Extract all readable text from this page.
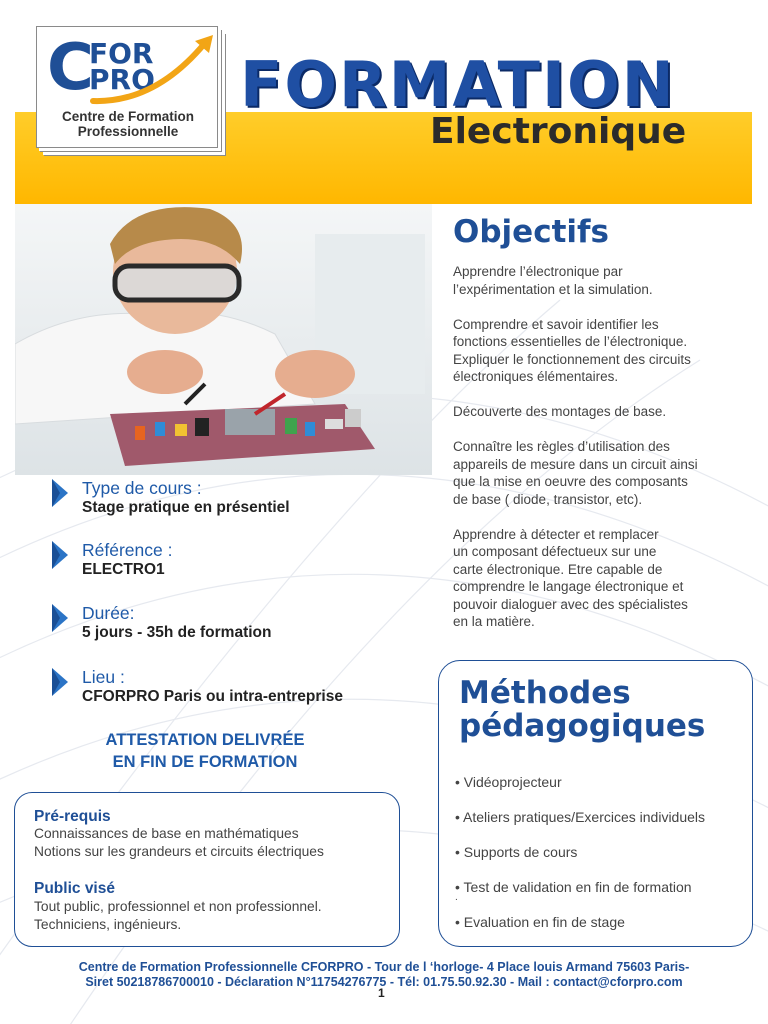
C
FOR
PRO
Centre de Formation
Professionnelle
FORMATION
Electronique
Objectifs
Apprendre l’électronique par
l’expérimentation et la simulation.
Comprendre et savoir identifier les
fonctions essentielles de l’électronique.
Expliquer le fonctionnement des circuits
électroniques élémentaires.
Découverte des montages de base.
Connaître les règles d’utilisation des
appareils de mesure dans un circuit ainsi
que la mise en oeuvre des composants
de base ( diode, transistor, etc).
Apprendre à détecter et remplacer
un composant défectueux sur une
carte électronique. Etre capable de
comprendre le langage électronique et
pouvoir dialoguer avec des spécialistes
en la matière.
Type de cours :
Stage pratique en présentiel
Référence :
ELECTRO1
Durée:
5 jours - 35h de formation
Lieu :
CFORPRO Paris ou intra-entreprise
ATTESTATION DELIVRÉE
EN FIN DE FORMATION
Pré-requis
Connaissances de base en mathématiques
Notions sur les grandeurs et circuits électriques
Public visé
Tout public, professionnel et non professionnel.
Techniciens, ingénieurs.
Méthodes
pédagogiques
• Vidéoprojecteur
• Ateliers pratiques/Exercices individuels
• Supports de cours
• Test de validation en fin de formation
.
• Evaluation en fin de stage
Centre de Formation Professionnelle CFORPRO - Tour de l ‘horloge- 4 Place louis Armand 75603 Paris-
Siret 50218786700010 - Déclaration N°11754276775 - Tél: 01.75.50.92.30 - Mail : contact@cforpro.com
1
